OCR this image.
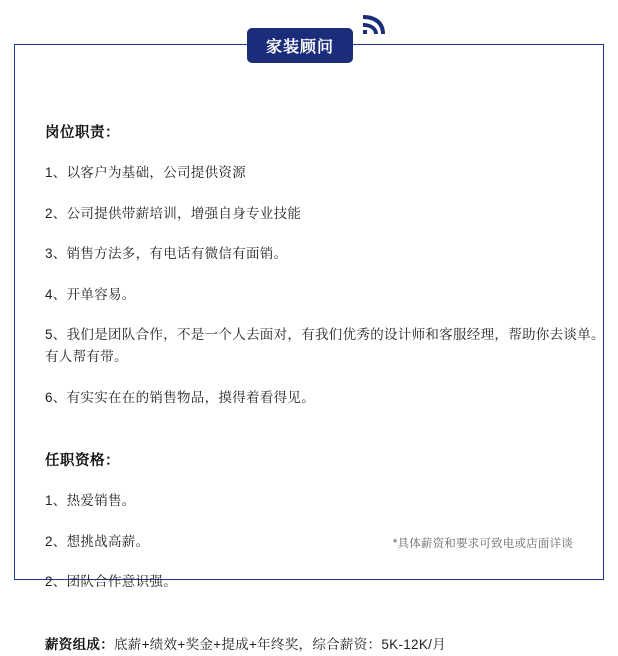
家装顾问
岗位职责：

1、以客户为基础，公司提供资源

2、公司提供带薪培训，增强自身专业技能

3、销售方法多，有电话有微信有面销。

4、开单容易。

5、我们是团队合作，不是一个人去面对，有我们优秀的设计师和客服经理，帮助你去谈单。有人帮有带。

6、有实实在在的销售物品，摸得着看得见。

任职资格：

1、热爱销售。

2、想挑战高薪。

2、团队合作意识强。

薪资组成：底薪+绩效+奖金+提成+年终奖，综合薪资：5K-12K/月

*具体薪资和要求可致电或店面详谈
